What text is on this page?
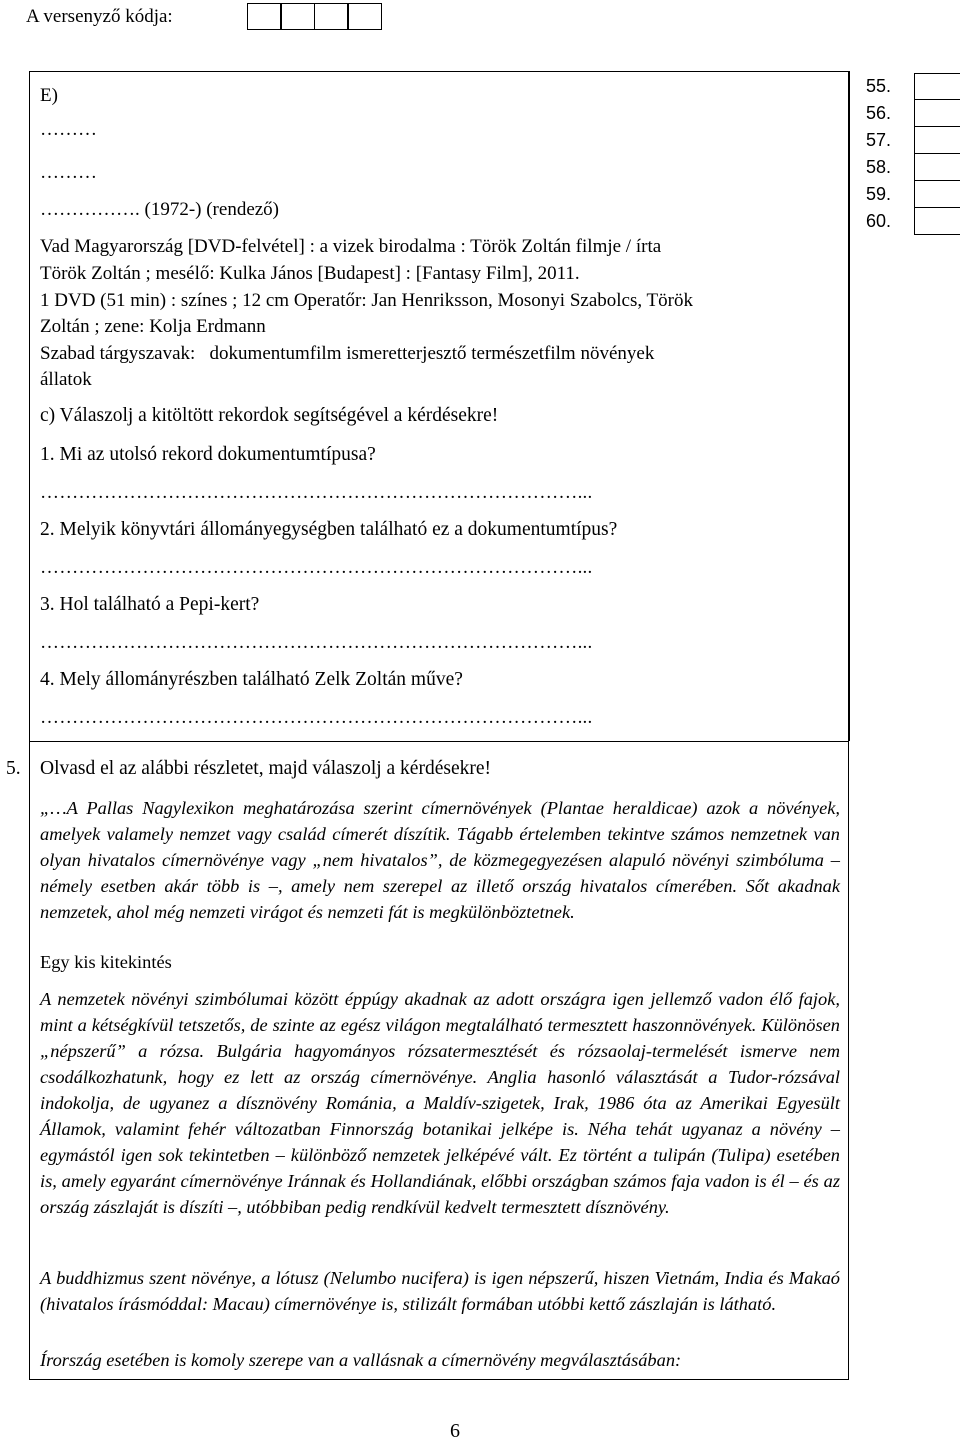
A versenyző kódja:
55.
56.
57.
58.
59.
60.
E)
………
………
……………. (1972-) (rendező)
Vad Magyarország [DVD-felvétel] : a vizek birodalma : Török Zoltán filmje / írta
Török Zoltán ; mesélő: Kulka János [Budapest] : [Fantasy Film], 2011.
1 DVD (51 min) : színes ; 12 cm Operatőr: Jan Henriksson, Mosonyi Szabolcs, Török
Zoltán ; zene: Kolja Erdmann
Szabad tárgyszavak:   dokumentumfilm ismeretterjesztő természetfilm növények
állatok
c) Válaszolj a kitöltött rekordok segítségével a kérdésekre!
1. Mi az utolsó rekord dokumentumtípusa?
…………………………………………………………………………...
2. Melyik könyvtári állományegységben található ez a dokumentumtípus?
…………………………………………………………………………...
3. Hol található a Pepi-kert?
…………………………………………………………………………...
4. Mely állományrészben található Zelk Zoltán műve?
…………………………………………………………………………...
5. Olvasd el az alábbi részletet, majd válaszolj a kérdésekre!
„…A Pallas Nagylexikon meghatározása szerint címernövények (Plantae heraldicae) azok a növények, amelyek valamely nemzet vagy család címerét díszítik. Tágabb értelemben tekintve számos nemzetnek van olyan hivatalos címernövénye vagy „nem hivatalos”, de közmegegyezésen alapuló növényi szimbóluma – némely esetben akár több is –, amely nem szerepel az illető ország hivatalos címerében. Sőt akadnak nemzetek, ahol még nemzeti virágot és nemzeti fát is megkülönböztetnek.
Egy kis kitekintés
A nemzetek növényi szimbólumai között éppúgy akadnak az adott országra igen jellemző vadon élő fajok, mint a kétségkívül tetszetős, de szinte az egész világon megtalálható termesztett haszonnövények. Különösen „népszerű” a rózsa. Bulgária hagyományos rózsatermesztését és rózsaolaj-termelését ismerve nem csodálkozhatunk, hogy ez lett az ország címernövénye. Anglia hasonló választását a Tudor-rózsával indokolja, de ugyanez a dísznövény Románia, a Maldív-szigetek, Irak, 1986 óta az Amerikai Egyesült Államok, valamint fehér változatban Finnország botanikai jelképe is. Néha tehát ugyanaz a növény – egymástól igen sok tekintetben – különböző nemzetek jelképévé vált. Ez történt a tulipán (Tulipa) esetében is, amely egyaránt címernövénye Iránnak és Hollandiának, előbbi országban számos faja vadon is él – és az ország zászlaját is díszíti –, utóbbiban pedig rendkívül kedvelt termesztett dísznövény.
A buddhizmus szent növénye, a lótusz (Nelumbo nucifera) is igen népszerű, hiszen Vietnám, India és Makaó (hivatalos írásmóddal: Macau) címernövénye is, stilizált formában utóbbi kettő zászlaján is látható.
Írország esetében is komoly szerepe van a vallásnak a címernövény megválasztásában:
6
